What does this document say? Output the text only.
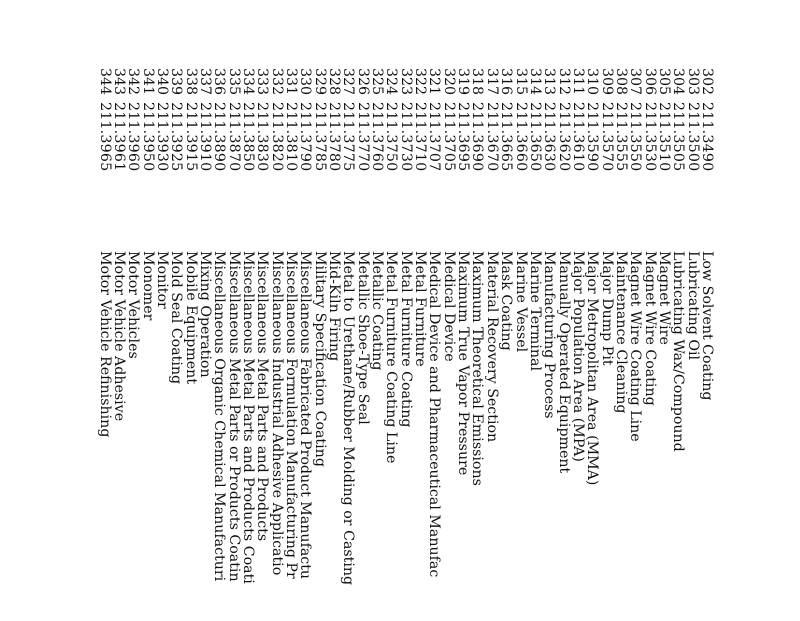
302
211.3490
Low Solvent Coating
303
211.3500
Lubricating Oil
304
211.3505
Lubricating Wax/Compound
305
211.3510
Magnet Wire
306
211.3530
Magnet Wire Coating
307
211.3550
Magnet Wire Coating Line
308
211.3555
Maintenance Cleaning
309
211.3570
Major Dump Pit
310
211.3590
Major Metropolitan Area (MMA)
311
211.3610
Major Population Area (MPA)
312
211.3620
Manually Operated Equipment
313
211.3630
Manufacturing Process
314
211.3650
Marine Terminal
315
211.3660
Marine Vessel
316
211.3665
Mask Coating
317
211.3670
Material Recovery Section
318
211.3690
Maximum Theoretical Emissions
319
211.3695
Maximum True Vapor Pressure
320
211.3705
Medical Device
321
211.3707
Medical Device and Pharmaceutical Manufac
322
211.3710
Metal Furniture
323
211.3730
Metal Furniture Coating
324
211.3750
Metal Furniture Coating Line
325
211.3760
Metallic Coating
326
211.3770
Metallic Shoe-Type Seal
327
211.3775
Metal to Urethane/Rubber Molding or Casting
328
211.3780
Mid-Kiln Firing
329
211.3785
Military Specification Coating
330
211.3790
Miscellaneous Fabricated Product Manufactu
331
211.3810
Miscellaneous Formulation Manufacturing Pr
332
211.3820
Miscellaneous Industrial Adhesive Applicatio
333
211.3830
Miscellaneous Metal Parts and Products
334
211.3850
Miscellaneous Metal Parts and Products Coati
335
211.3870
Miscellaneous Metal Parts or Products Coatin
336
211.3890
Miscellaneous Organic Chemical Manufacturi
337
211.3910
Mixing Operation
338
211.3915
Mobile Equipment
339
211.3925
Mold Seal Coating
340
211.3930
Monitor
341
211.3950
Monomer
342
211.3960
Motor Vehicles
343
211.3961
Motor Vehicle Adhesive
344
211.3965
Motor Vehicle Refinishing
